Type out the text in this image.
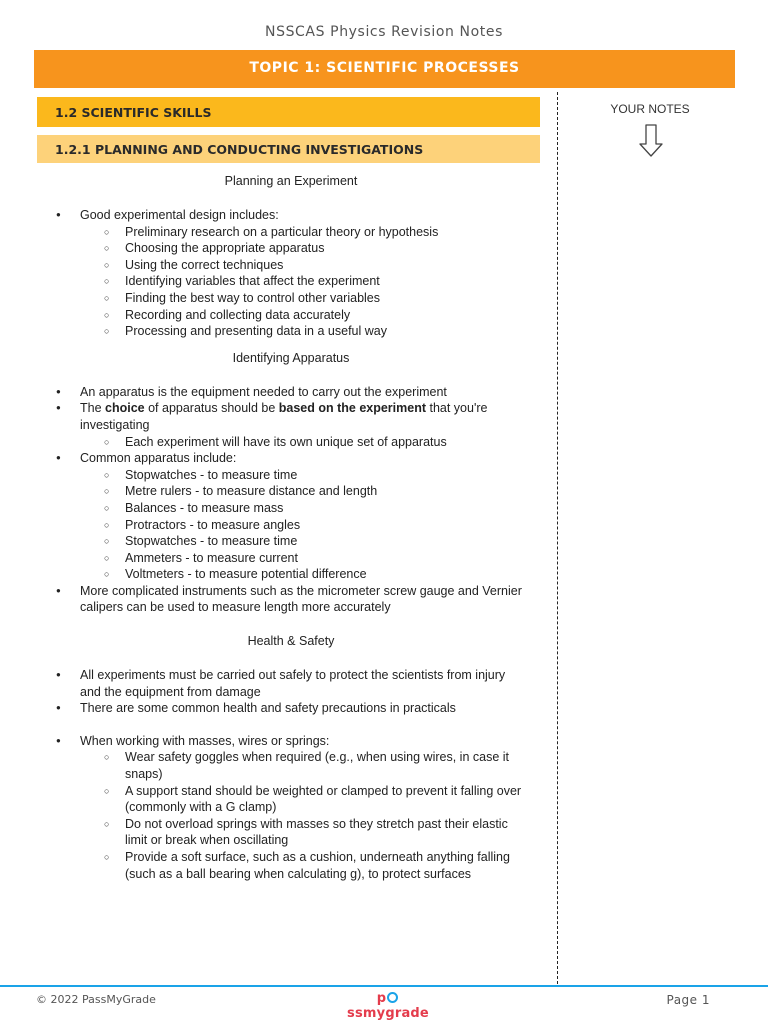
NSSCAS Physics Revision Notes
TOPIC 1: SCIENTIFIC PROCESSES
1.2 SCIENTIFIC SKILLS
1.2.1 PLANNING AND CONDUCTING INVESTIGATIONS
YOUR NOTES
Planning an Experiment
● Good experimental design includes:
○ Preliminary research on a particular theory or hypothesis
○ Choosing the appropriate apparatus
○ Using the correct techniques
○ Identifying variables that affect the experiment
○ Finding the best way to control other variables
○ Recording and collecting data accurately
○ Processing and presenting data in a useful way
Identifying Apparatus
● An apparatus is the equipment needed to carry out the experiment
● The choice of apparatus should be based on the experiment that you're investigating
○ Each experiment will have its own unique set of apparatus
● Common apparatus include:
○ Stopwatches - to measure time
○ Metre rulers - to measure distance and length
○ Balances - to measure mass
○ Protractors - to measure angles
○ Stopwatches - to measure time
○ Ammeters - to measure current
○ Voltmeters - to measure potential difference
● More complicated instruments such as the micrometer screw gauge and Vernier calipers can be used to measure length more accurately
Health & Safety
● All experiments must be carried out safely to protect the scientists from injury and the equipment from damage
● There are some common health and safety precautions in practicals
● When working with masses, wires or springs:
○ Wear safety goggles when required (e.g., when using wires, in case it snaps)
○ A support stand should be weighted or clamped to prevent it falling over (commonly with a G clamp)
○ Do not overload springs with masses so they stretch past their elastic limit or break when oscillating
○ Provide a soft surface, such as a cushion, underneath anything falling (such as a ball bearing when calculating g), to protect surfaces
© 2022 PassMyGrade	pssmygrade
Page 1
